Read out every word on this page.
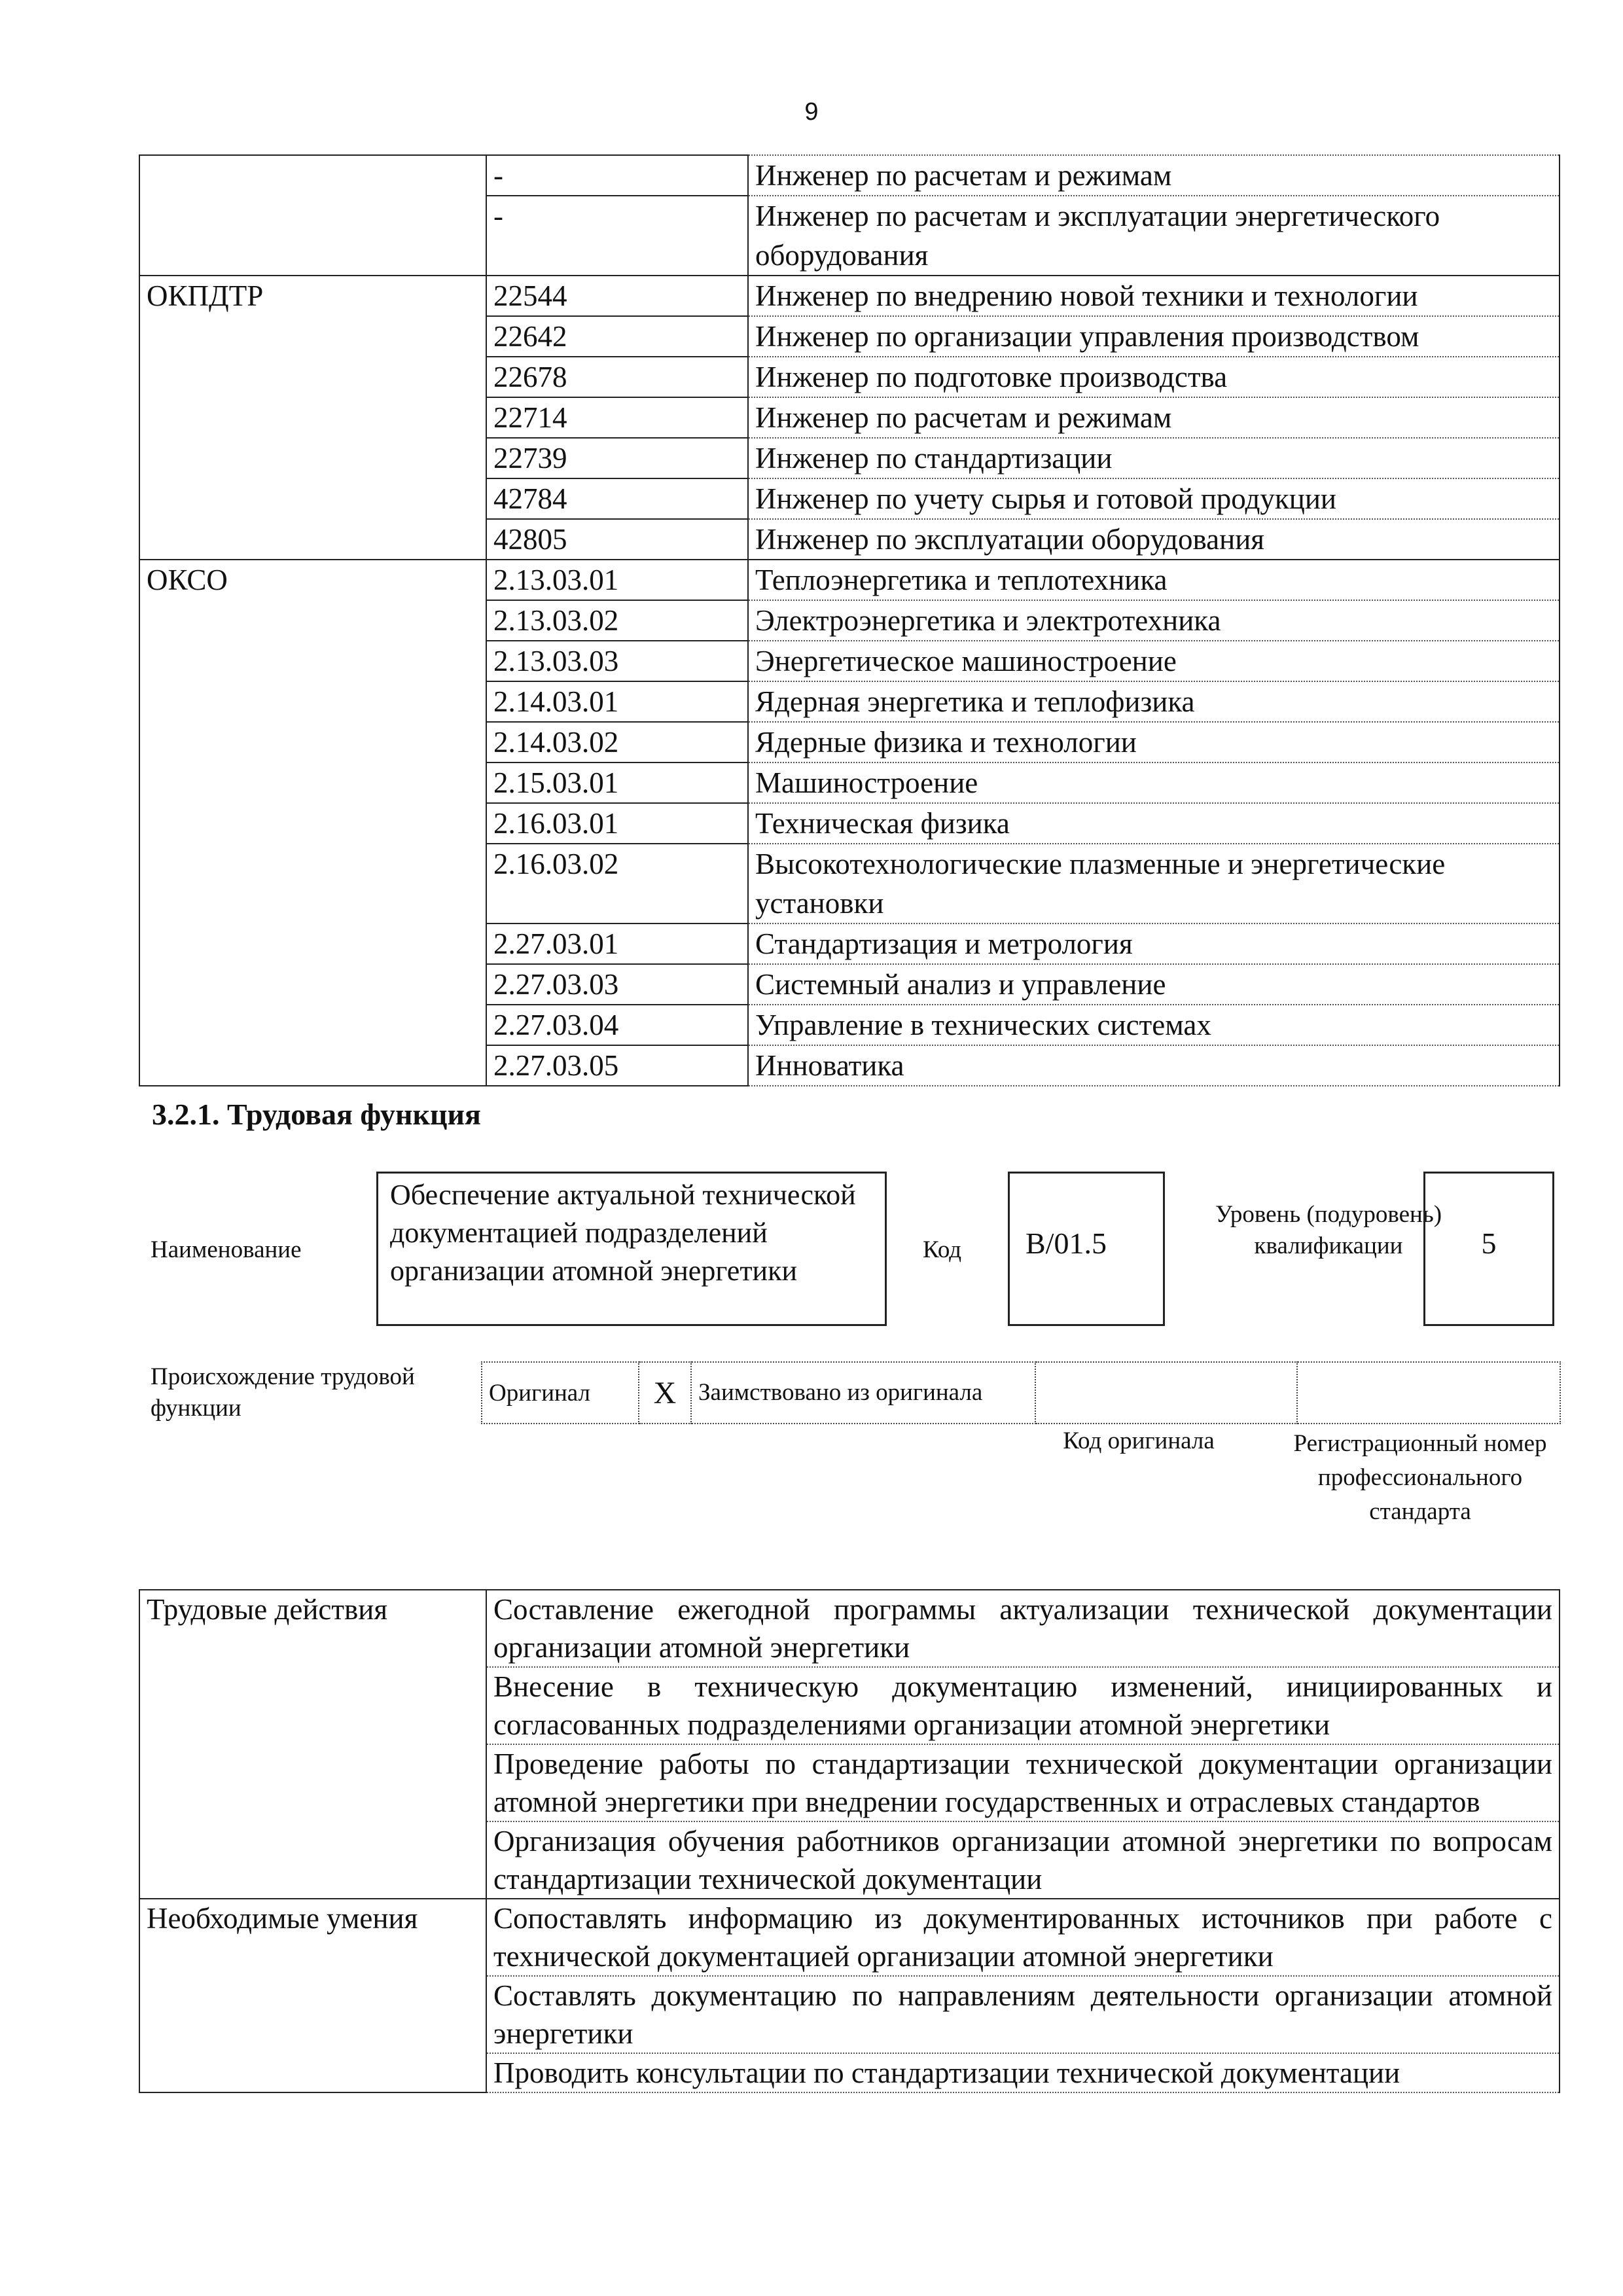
9
	-	Инженер по расчетам и режимам
	-	Инженер по расчетам и эксплуатации энергетического оборудования
ОКПДТР	22544	Инженер по внедрению новой техники и технологии
	22642	Инженер по организации управления производством
	22678	Инженер по подготовке производства
	22714	Инженер по расчетам и режимам
	22739	Инженер по стандартизации
	42784	Инженер по учету сырья и готовой продукции
	42805	Инженер по эксплуатации оборудования
ОКСО	2.13.03.01	Теплоэнергетика и теплотехника
	2.13.03.02	Электроэнергетика и электротехника
	2.13.03.03	Энергетическое машиностроение
	2.14.03.01	Ядерная энергетика и теплофизика
	2.14.03.02	Ядерные физика и технологии
	2.15.03.01	Машиностроение
	2.16.03.01	Техническая физика
	2.16.03.02	Высокотехнологические плазменные и энергетические установки
	2.27.03.01	Стандартизация и метрология
	2.27.03.03	Системный анализ и управление
	2.27.03.04	Управление в технических системах
	2.27.03.05	Инноватика
3.2.1. Трудовая функция
Наименование
Обеспечение актуальной технической документацией подразделений организации атомной энергетики
Код	B/01.5
Уровень (подуровень) квалификации	5
Происхождение трудовой функции
Оригинал	X	Заимствовано из оригинала		
Код оригинала	Регистрационный номер профессионального стандарта
Трудовые действия	Составление ежегодной программы актуализации технической документации организации атомной энергетики
	Внесение в техническую документацию изменений, инициированных и согласованных подразделениями организации атомной энергетики
	Проведение работы по стандартизации технической документации организации атомной энергетики при внедрении государственных и отраслевых стандартов
	Организация обучения работников организации атомной энергетики по вопросам стандартизации технической документации
Необходимые умения	Сопоставлять информацию из документированных источников при работе с технической документацией организации атомной энергетики
	Составлять документацию по направлениям деятельности организации атомной энергетики
	Проводить консультации по стандартизации технической документации
